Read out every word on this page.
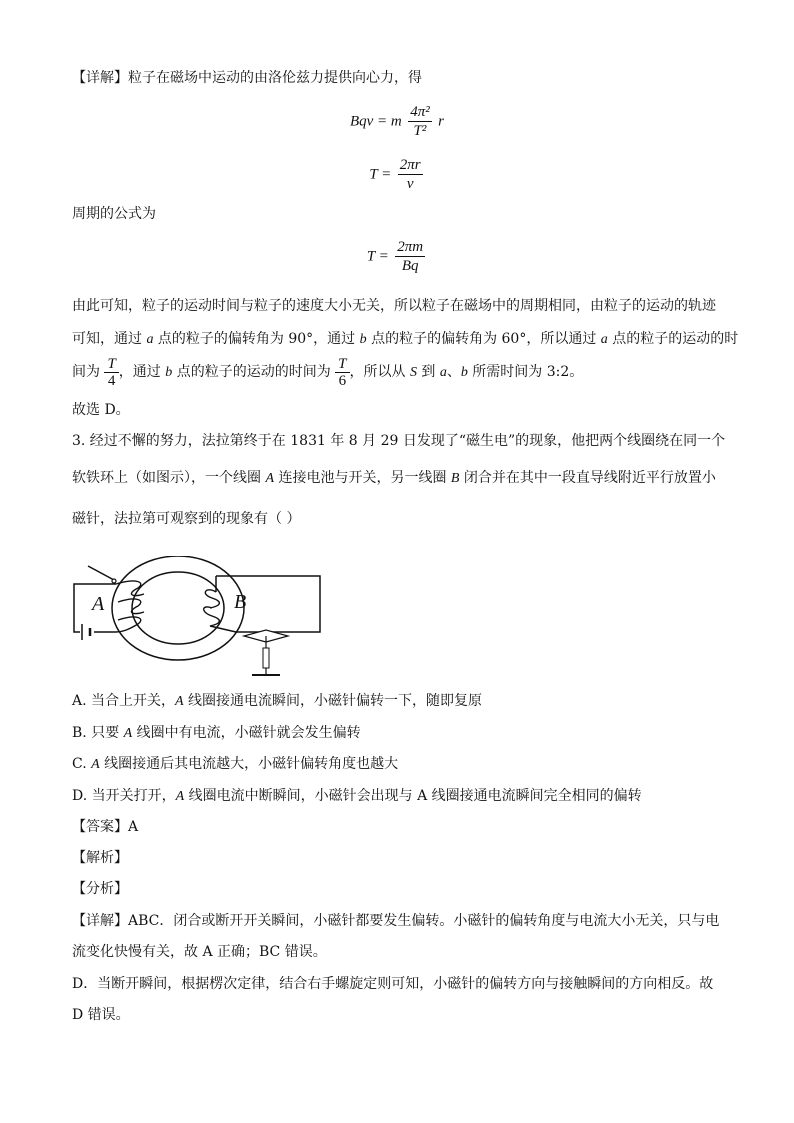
【详解】粒子在磁场中运动的由洛伦兹力提供向心力，得
Bqv = m $\frac{\text{4π²}}{\text{T²}}$ r
$T = \frac{2\pi r}{v}$
周期的公式为
$T = \frac{2\pi m}{Bq}$
由此可知，粒子的运动时间与粒子的速度大小无关，所以粒子在磁场中的周期相同，由粒子的运动的轨迹
可知，通过 a 点的粒子的偏转角为 90°，通过 b 点的粒子的偏转角为 60°，所以通过 a 点的粒子的运动的时
间为 $\frac{T}{4}$ ，通过 b 点的粒子的运动的时间为 $\frac{T}{6}$ ，所以从 S 到 a、b 所需时间为 3:2。
故选 D。
3. 经过不懈的努力，法拉第终于在 1831 年 8 月 29 日发现了“磁生电”的现象，他把两个线圈绕在同一个
软铁环上（如图示），一个线圈 A 连接电池与开关，另一线圈 B 闭合并在其中一段直导线附近平行放置小
磁针，法拉第可观察到的现象有（ ）
A	B
A. 当合上开关，A 线圈接通电流瞬间，小磁针偏转一下，随即复原
B. 只要 A 线圈中有电流，小磁针就会发生偏转
C. A 线圈接通后其电流越大，小磁针偏转角度也越大
D. 当开关打开，A 线圈电流中断瞬间，小磁针会出现与 A 线圈接通电流瞬间完全相同的偏转
【答案】A
【解析】
【分析】
【详解】ABC．闭合或断开开关瞬间，小磁针都要发生偏转。小磁针的偏转角度与电流大小无关，只与电
流变化快慢有关，故 A 正确；BC 错误。
D．当断开瞬间，根据楞次定律，结合右手螺旋定则可知，小磁针的偏转方向与接触瞬间的方向相反。故
D 错误。
